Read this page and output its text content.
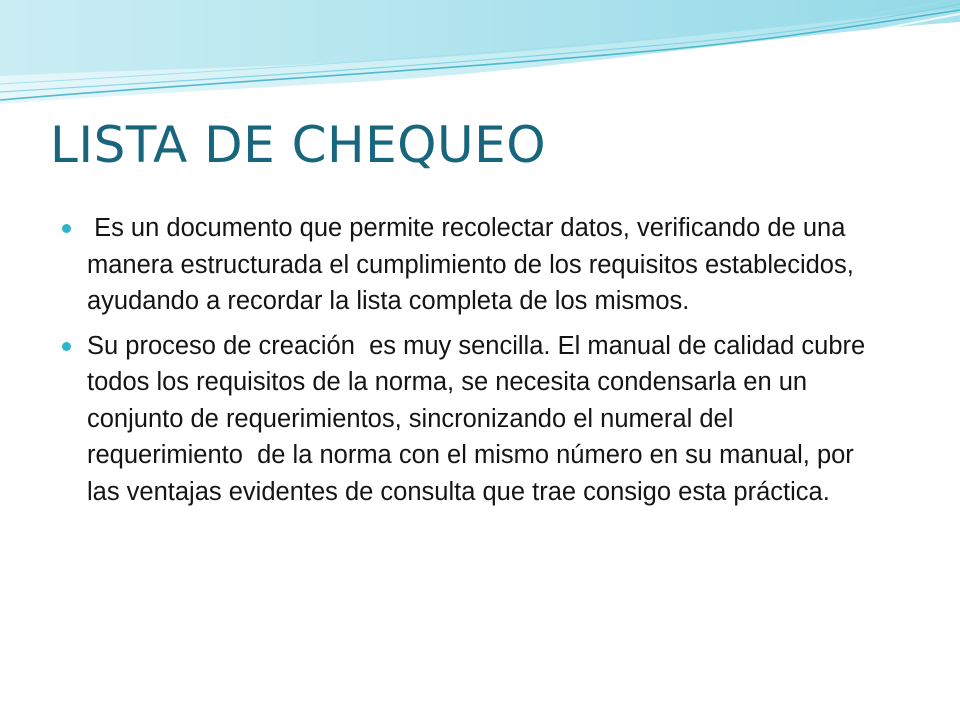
LISTA DE CHEQUEO
Es un documento que permite recolectar datos, verificando de una manera estructurada el cumplimiento de los requisitos establecidos, ayudando a recordar la lista completa de los mismos.
Su proceso de creación  es muy sencilla. El manual de calidad cubre todos los requisitos de la norma, se necesita condensarla en un conjunto de requerimientos, sincronizando el numeral del requerimiento  de la norma con el mismo número en su manual, por las ventajas evidentes de consulta que trae consigo esta práctica.
